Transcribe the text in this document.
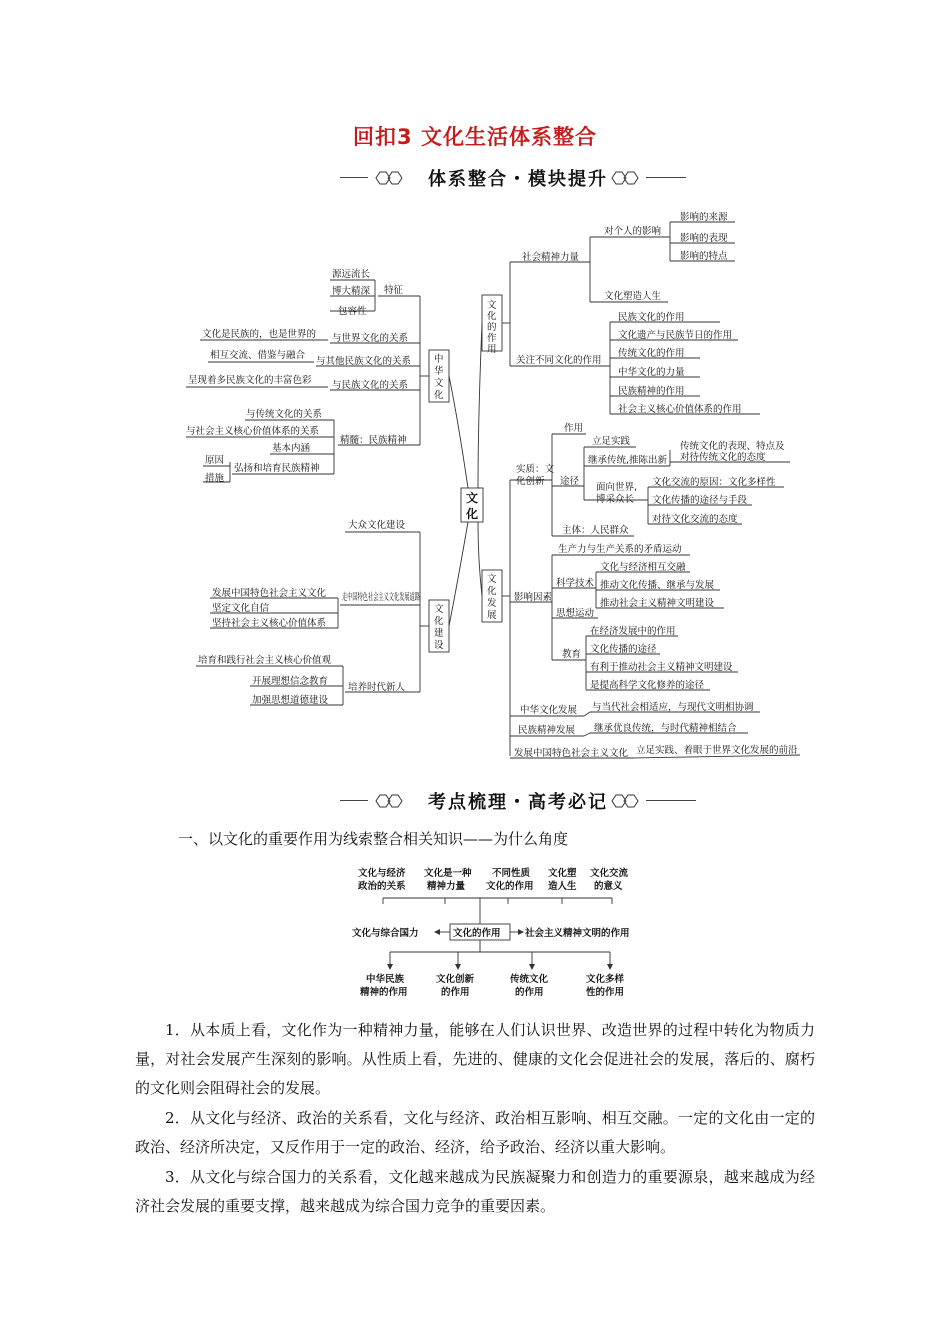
回扣3 文化生活体系整合
体系整合・模块提升
文
化
中
华
文
化
文
化
建
设
文
化
的
作
用
文
化
发
展
特征
源远流长
博大精深
包容性
与世界文化的关系
文化是民族的，也是世界的
与其他民族文化的关系
相互交流、借鉴与融合
与民族文化的关系
呈现着多民族文化的丰富色彩
精髓：民族精神
与传统文化的关系
与社会主义核心价值体系的关系
基本内涵
弘扬和培育民族精神
原因
措施
大众文化建设
走中国特色社会主义文化发展道路
发展中国特色社会主义文化
坚定文化自信
坚持社会主义核心价值体系
培养时代新人
培育和践行社会主义核心价值观
开展理想信念教育
加强思想道德建设
社会精神力量
对个人的影响
影响的来源
影响的表现
影响的特点
文化塑造人生
关注不同文化的作用
民族文化的作用
文化遗产与民族节日的作用
传统文化的作用
中华文化的力量
民族精神的作用
社会主义核心价值体系的作用
实质：文
化创新
作用
途径
立足实践
继承传统,推陈出新
传统文化的表现、特点及
对待传统文化的态度
面向世界,
博采众长
文化交流的原因：文化多样性
文化传播的途径与手段
对待文化交流的态度
主体：人民群众
影响因素
生产力与生产关系的矛盾运动
科学技术
文化与经济相互交融
推动文化传播、继承与发展
推动社会主义精神文明建设
思想运动
教育
在经济发展中的作用
文化传播的途径
有利于推动社会主义精神文明建设
是提高科学文化修养的途径
中华文化发展 与当代社会相适应，与现代文明相协调
民族精神发展 继承优良传统，与时代精神相结合
发展中国特色社会主义文化 立足实践、着眼于世界文化发展的前沿
考点梳理・高考必记
一、以文化的重要作用为线索整合相关知识——为什么角度
文化与经济
政治的关系
文化是一种
精神力量
不同性质
文化的作用
文化塑
造人生
文化交流
的意义
文化的作用
文化与综合国力	社会主义精神文明的作用
中华民族
精神的作用
文化创新
的作用
传统文化
的作用
文化多样
性的作用
1．从本质上看，文化作为一种精神力量，能够在人们认识世界、改造世界的过程中转化为物质力量，对社会发展产生深刻的影响。从性质上看，先进的、健康的文化会促进社会的发展，落后的、腐朽的文化则会阻碍社会的发展。
2．从文化与经济、政治的关系看，文化与经济、政治相互影响、相互交融。一定的文化由一定的政治、经济所决定，又反作用于一定的政治、经济，给予政治、经济以重大影响。
3．从文化与综合国力的关系看，文化越来越成为民族凝聚力和创造力的重要源泉，越来越成为经济社会发展的重要支撑，越来越成为综合国力竞争的重要因素。
